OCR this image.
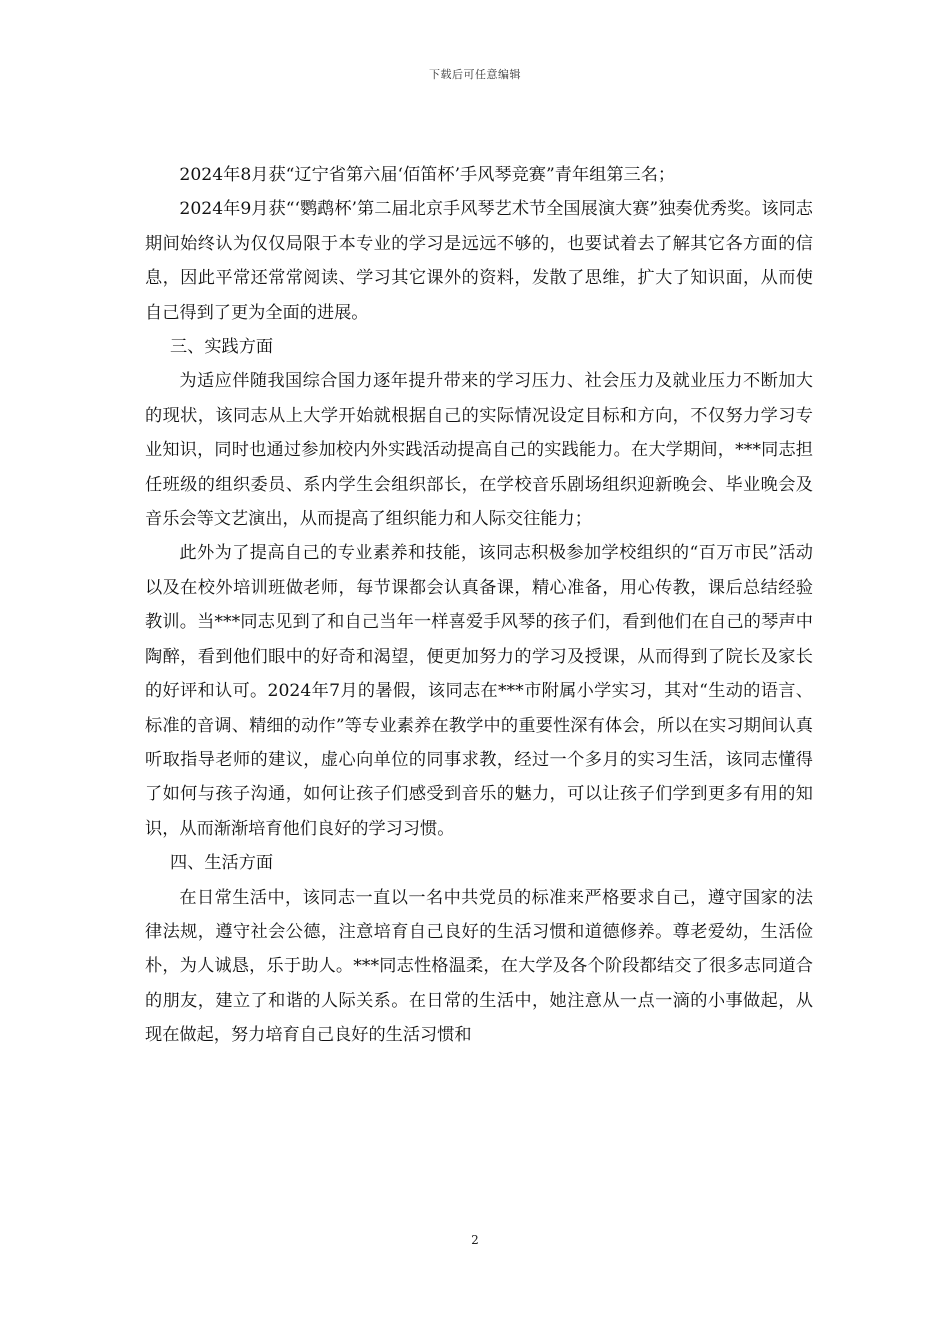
下载后可任意编辑

2024年8月获“辽宁省第六届‘佰笛杯’手风琴竞赛”青年组第三名；

2024年9月获“‘鹦鹉杯’第二届北京手风琴艺术节全国展演大赛”独奏优秀奖。该同志期间始终认为仅仅局限于本专业的学习是远远不够的，也要试着去了解其它各方面的信息，因此平常还常常阅读、学习其它课外的资料，发散了思维，扩大了知识面，从而使自己得到了更为全面的进展。

三、实践方面

为适应伴随我国综合国力逐年提升带来的学习压力、社会压力及就业压力不断加大的现状，该同志从上大学开始就根据自己的实际情况设定目标和方向，不仅努力学习专业知识，同时也通过参加校内外实践活动提高自己的实践能力。在大学期间，***同志担任班级的组织委员、系内学生会组织部长，在学校音乐剧场组织迎新晚会、毕业晚会及音乐会等文艺演出，从而提高了组织能力和人际交往能力；

此外为了提高自己的专业素养和技能，该同志积极参加学校组织的“百万市民”活动以及在校外培训班做老师，每节课都会认真备课，精心准备，用心传教，课后总结经验教训。当***同志见到了和自己当年一样喜爱手风琴的孩子们，看到他们在自己的琴声中陶醉，看到他们眼中的好奇和渴望，便更加努力的学习及授课，从而得到了院长及家长的好评和认可。2024年7月的暑假，该同志在***市附属小学实习，其对“生动的语言、标准的音调、精细的动作”等专业素养在教学中的重要性深有体会，所以在实习期间认真听取指导老师的建议，虚心向单位的同事求教，经过一个多月的实习生活，该同志懂得了如何与孩子沟通，如何让孩子们感受到音乐的魅力，可以让孩子们学到更多有用的知识，从而渐渐培育他们良好的学习习惯。

四、生活方面

在日常生活中，该同志一直以一名中共党员的标准来严格要求自己，遵守国家的法律法规，遵守社会公德，注意培育自己良好的生活习惯和道德修养。尊老爱幼，生活俭朴，为人诚恳，乐于助人。***同志性格温柔，在大学及各个阶段都结交了很多志同道合的朋友，建立了和谐的人际关系。在日常的生活中，她注意从一点一滴的小事做起，从现在做起，努力培育自己良好的生活习惯和

2
